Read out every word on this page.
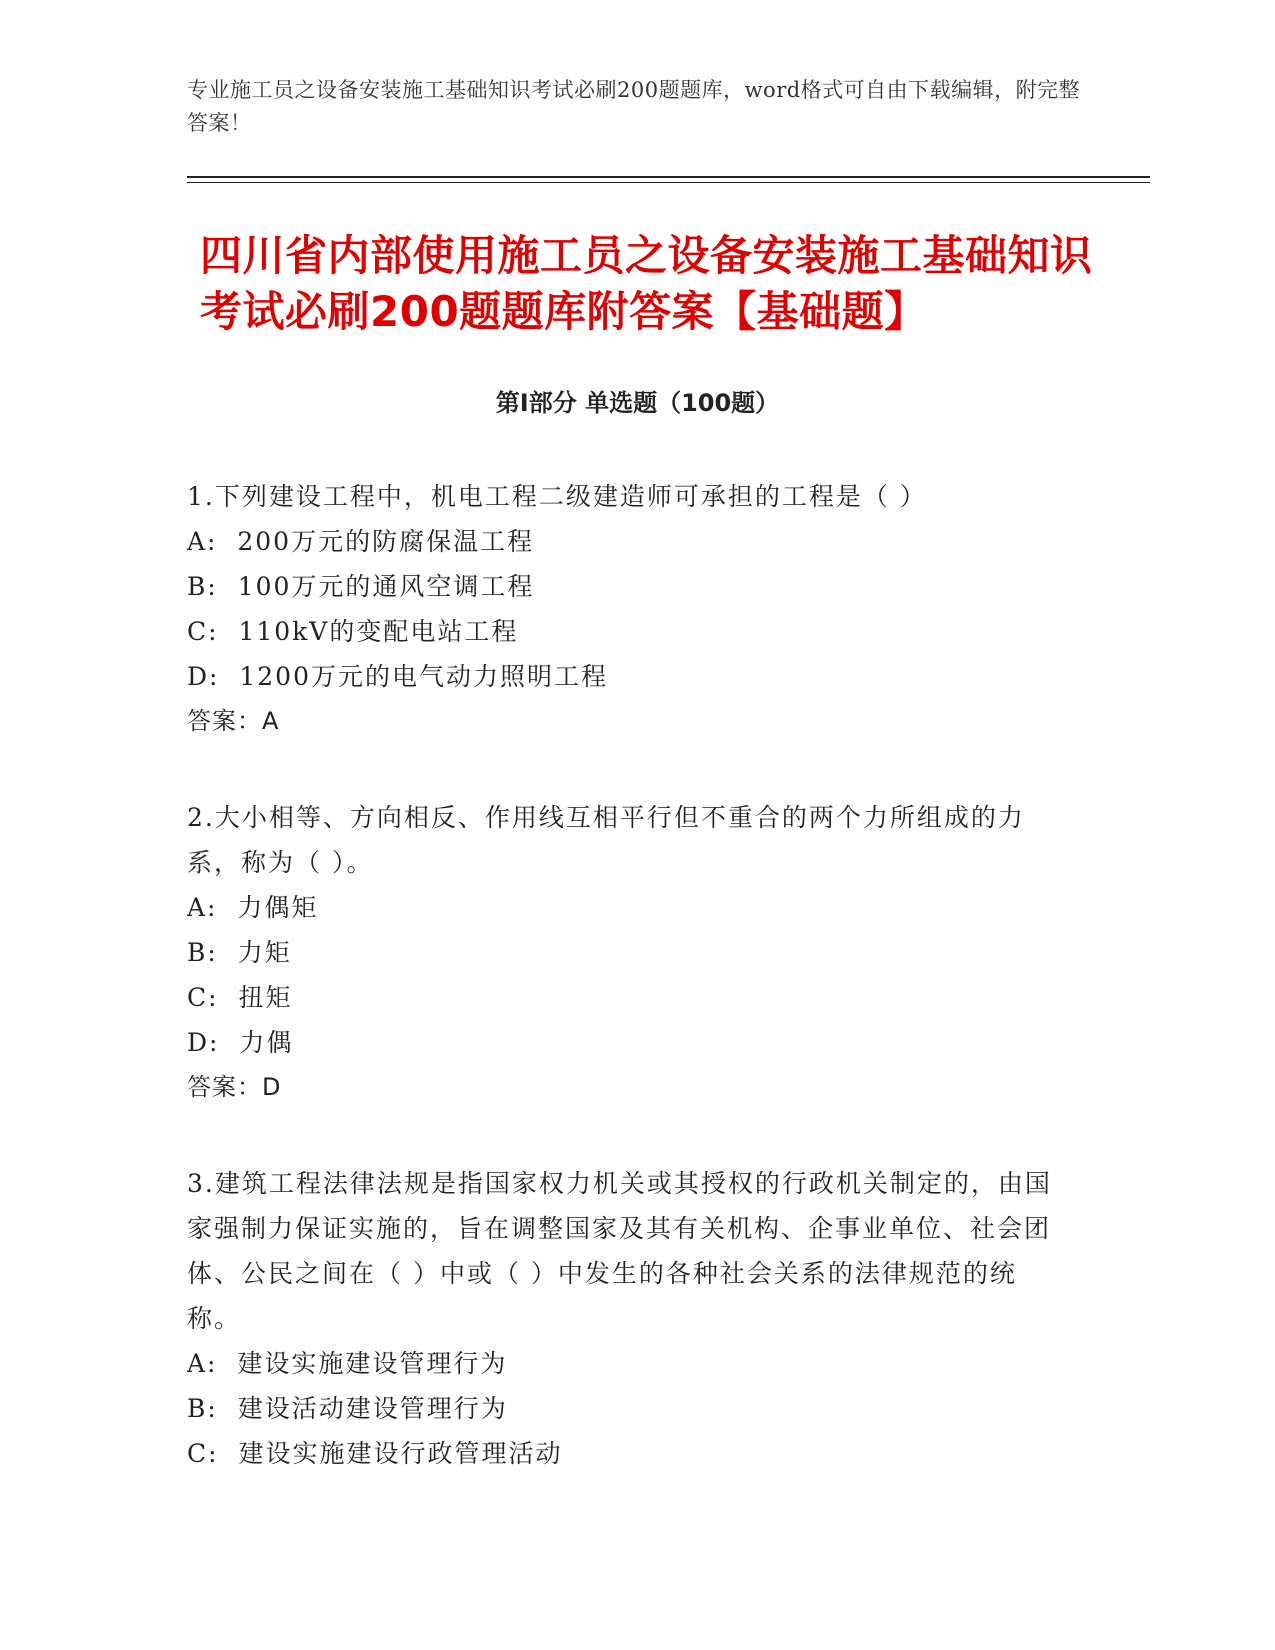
专业施工员之设备安装施工基础知识考试必刷200题题库，word格式可自由下载编辑，附完整答案！
四川省内部使用施工员之设备安装施工基础知识考试必刷200题题库附答案【基础题】
第Ⅰ部分 单选题（100题）
1.下列建设工程中，机电工程二级建造师可承担的工程是（ ）
A:  200万元的防腐保温工程
B:  100万元的通风空调工程
C:  110kV的变配电站工程
D:  1200万元的电气动力照明工程
答案：A
2.大小相等、方向相反、作用线互相平行但不重合的两个力所组成的力系，称为（ ）。
A:  力偶矩
B:  力矩
C:  扭矩
D:  力偶
答案：D
3.建筑工程法律法规是指国家权力机关或其授权的行政机关制定的，由国家强制力保证实施的，旨在调整国家及其有关机构、企事业单位、社会团体、公民之间在（ ）中或（ ）中发生的各种社会关系的法律规范的统称。
A:  建设实施建设管理行为
B:  建设活动建设管理行为
C:  建设实施建设行政管理活动
